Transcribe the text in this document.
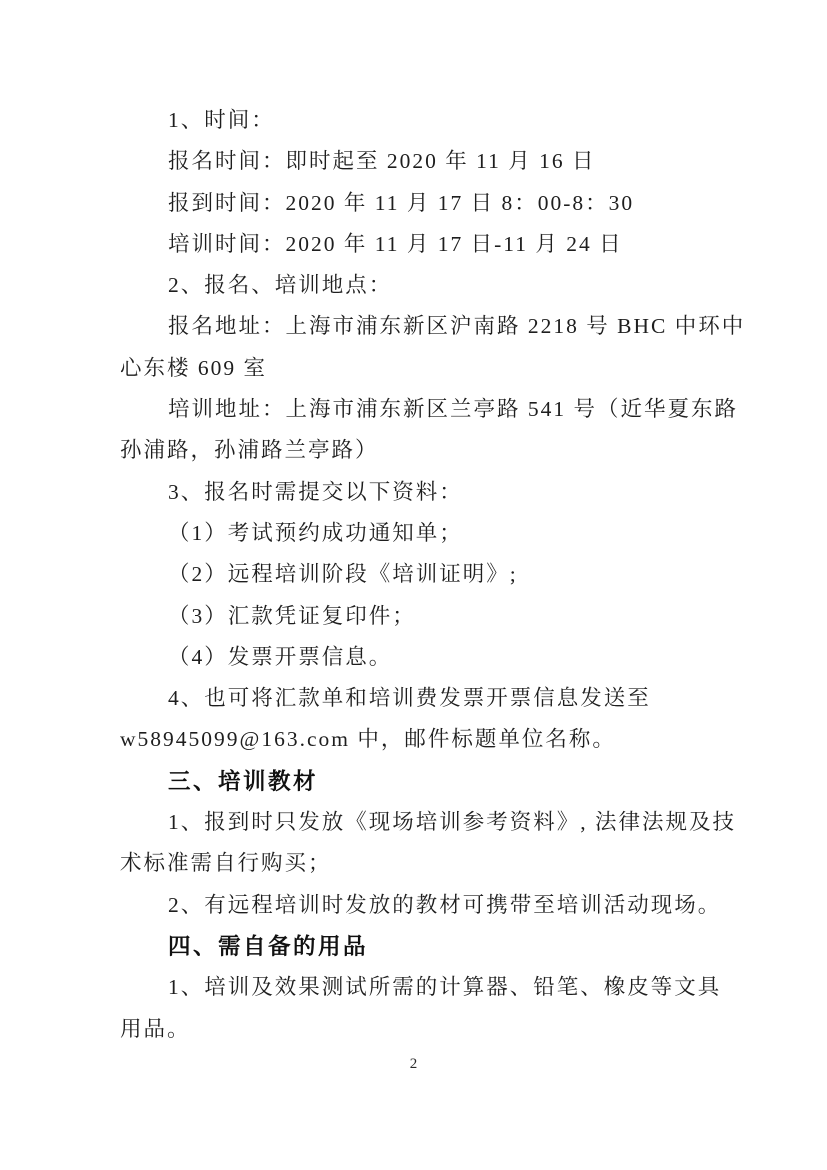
1、时间：
报名时间：即时起至 2020 年 11 月 16 日
报到时间：2020 年 11 月 17 日 8：00-8：30
培训时间：2020 年 11 月 17 日-11 月 24 日
2、报名、培训地点：
报名地址：上海市浦东新区沪南路 2218 号 BHC 中环中
心东楼 609 室
培训地址：上海市浦东新区兰亭路 541 号（近华夏东路
孙浦路，孙浦路兰亭路）
3、报名时需提交以下资料：
（1）考试预约成功通知单；
（2）远程培训阶段《培训证明》;
（3）汇款凭证复印件；
（4）发票开票信息。
4、也可将汇款单和培训费发票开票信息发送至
w58945099@163.com 中，邮件标题单位名称。
三、培训教材
1、报到时只发放《现场培训参考资料》, 法律法规及技
术标准需自行购买；
2、有远程培训时发放的教材可携带至培训活动现场。
四、需自备的用品
1、培训及效果测试所需的计算器、铅笔、橡皮等文具
用品。
2
